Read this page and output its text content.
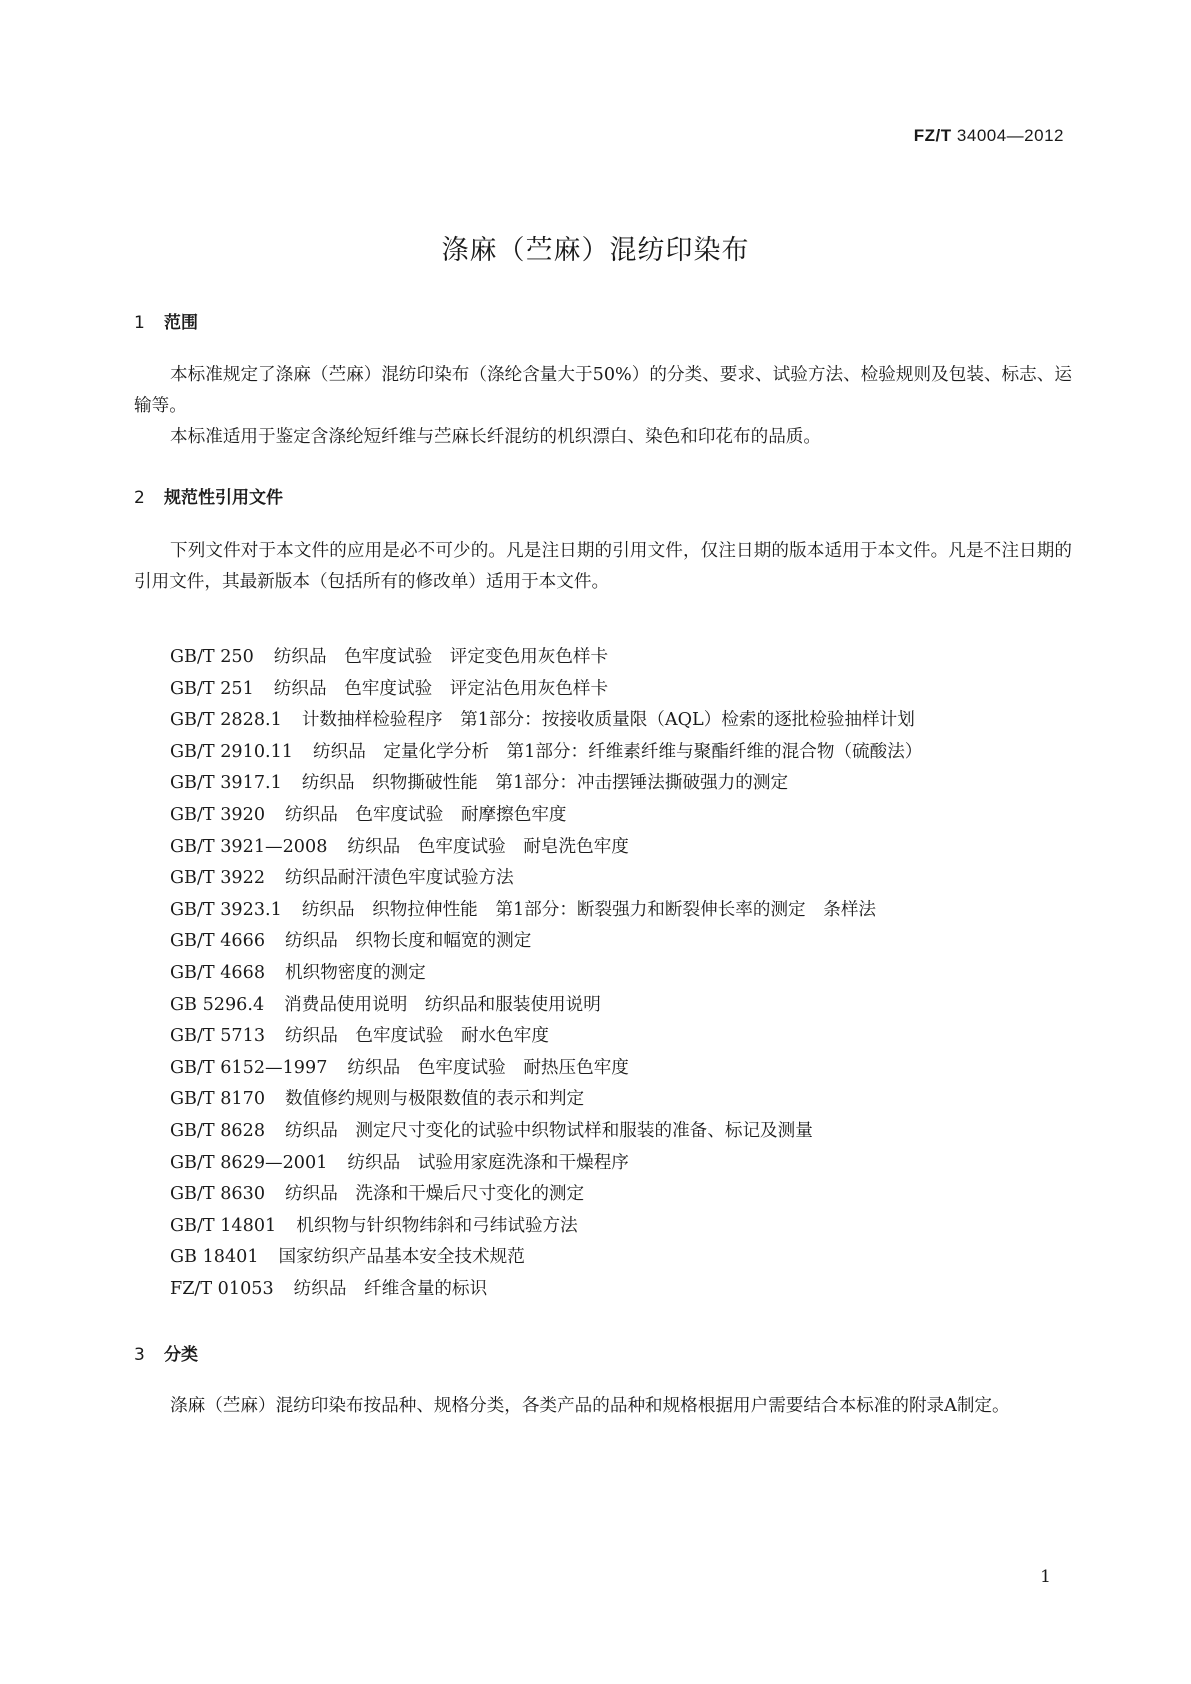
FZ/T 34004—2012
涤麻（苎麻）混纺印染布
1 范围

本标准规定了涤麻（苎麻）混纺印染布（涤纶含量大于50%）的分类、要求、试验方法、检验规则及包装、标志、运输等。

本标准适用于鉴定含涤纶短纤维与苎麻长纤混纺的机织漂白、染色和印花布的品质。

2 规范性引用文件

下列文件对于本文件的应用是必不可少的。凡是注日期的引用文件，仅注日期的版本适用于本文件。凡是不注日期的引用文件，其最新版本（包括所有的修改单）适用于本文件。

GB/T 250 纺织品　色牢度试验　评定变色用灰色样卡
GB/T 251 纺织品　色牢度试验　评定沾色用灰色样卡
GB/T 2828.1 计数抽样检验程序　第1部分：按接收质量限（AQL）检索的逐批检验抽样计划
GB/T 2910.11 纺织品　定量化学分析　第1部分：纤维素纤维与聚酯纤维的混合物（硫酸法）
GB/T 3917.1 纺织品　织物撕破性能　第1部分：冲击摆锤法撕破强力的测定
GB/T 3920 纺织品　色牢度试验　耐摩擦色牢度
GB/T 3921—2008 纺织品　色牢度试验　耐皂洗色牢度
GB/T 3922 纺织品耐汗渍色牢度试验方法
GB/T 3923.1 纺织品　织物拉伸性能　第1部分：断裂强力和断裂伸长率的测定　条样法
GB/T 4666 纺织品　织物长度和幅宽的测定
GB/T 4668 机织物密度的测定
GB 5296.4 消费品使用说明　纺织品和服装使用说明
GB/T 5713 纺织品　色牢度试验　耐水色牢度
GB/T 6152—1997 纺织品　色牢度试验　耐热压色牢度
GB/T 8170 数值修约规则与极限数值的表示和判定
GB/T 8628 纺织品　测定尺寸变化的试验中织物试样和服装的准备、标记及测量
GB/T 8629—2001 纺织品　试验用家庭洗涤和干燥程序
GB/T 8630 纺织品　洗涤和干燥后尺寸变化的测定
GB/T 14801 机织物与针织物纬斜和弓纬试验方法
GB 18401 国家纺织产品基本安全技术规范
FZ/T 01053 纺织品　纤维含量的标识
3 分类

涤麻（苎麻）混纺印染布按品种、规格分类，各类产品的品种和规格根据用户需要结合本标准的附录A制定。

1
